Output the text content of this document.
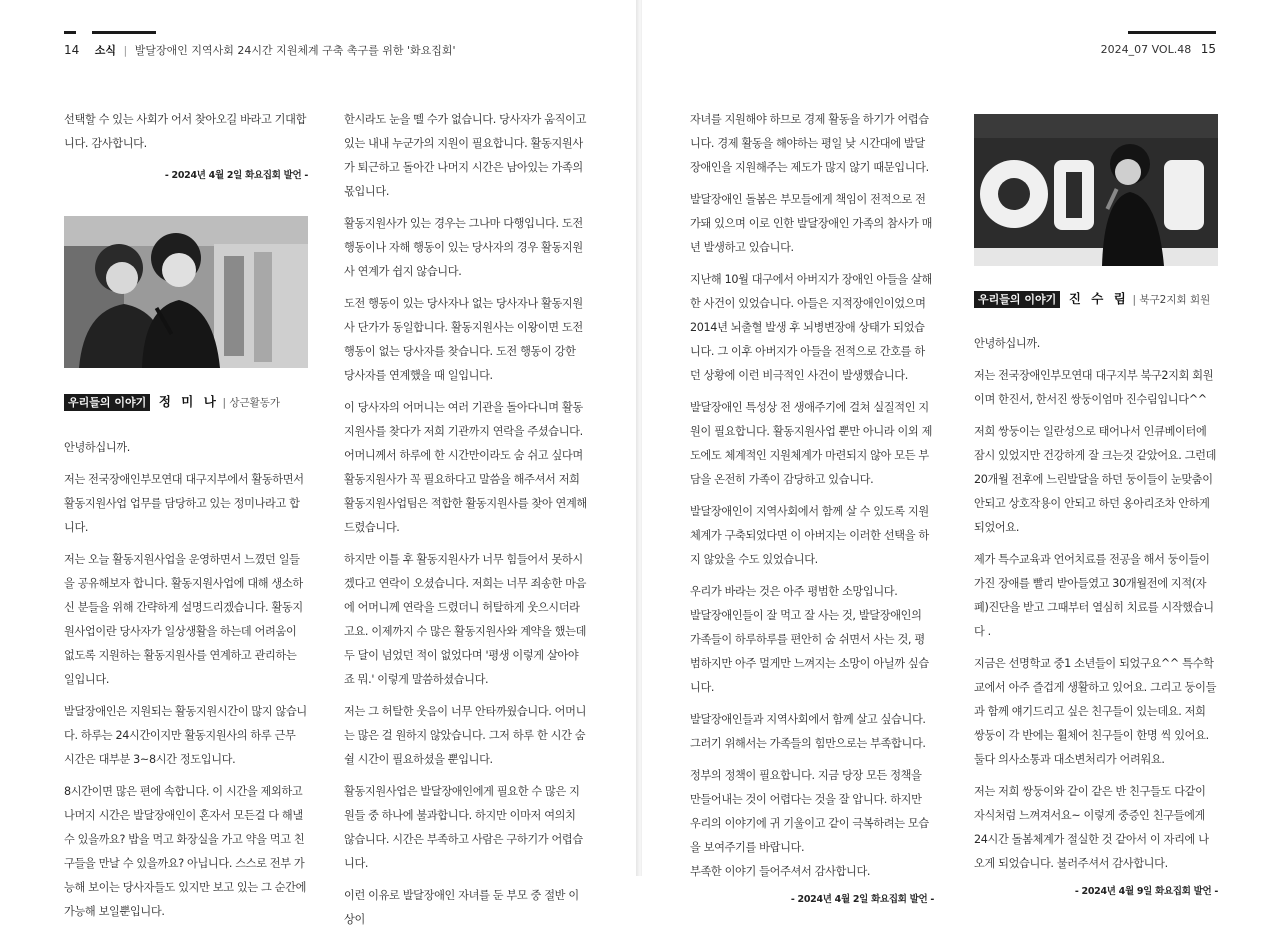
14 소식 | 발달장애인 지역사회 24시간 지원체계 구축 촉구를 위한 '화요집회'

선택할 수 있는 사회가 어서 찾아오길 바라고 기대합니다. 감사합니다.

- 2024년 4월 2일 화요집회 발언 -
우리들의 이야기 정 미 나 | 상근활동가

안녕하십니까.

저는 전국장애인부모연대 대구지부에서 활동하면서 활동지원사업 업무를 담당하고 있는 정미나라고 합니다.

저는 오늘 활동지원사업을 운영하면서 느꼈던 일들을 공유해보자 합니다. 활동지원사업에 대해 생소하신 분들을 위해 간략하게 설명드리겠습니다. 활동지원사업이란 당사자가 일상생활을 하는데 어려움이 없도록 지원하는 활동지원사를 연계하고 관리하는 일입니다.

발달장애인은 지원되는 활동지원시간이 많지 않습니다. 하루는 24시간이지만 활동지원사의 하루 근무 시간은 대부분 3~8시간 정도입니다.

8시간이면 많은 편에 속합니다. 이 시간을 제외하고 나머지 시간은 발달장애인이 혼자서 모든걸 다 해낼 수 있을까요? 밥을 먹고 화장실을 가고 약을 먹고 친구들을 만날 수 있을까요? 아닙니다. 스스로 전부 가능해 보이는 당사자들도 있지만 보고 있는 그 순간에 가능해 보일뿐입니다.

한시라도 눈을 뗄 수가 없습니다. 당사자가 움직이고 있는 내내 누군가의 지원이 필요합니다. 활동지원사가 퇴근하고 돌아간 나머지 시간은 남아있는 가족의 몫입니다.

활동지원사가 있는 경우는 그나마 다행입니다. 도전 행동이나 자해 행동이 있는 당사자의 경우 활동지원사 연계가 쉽지 않습니다.

도전 행동이 있는 당사자나 없는 당사자나 활동지원사 단가가 동일합니다. 활동지원사는 이왕이면 도전 행동이 없는 당사자를 찾습니다. 도전 행동이 강한 당사자를 연계했을 때 일입니다.

이 당사자의 어머니는 여러 기관을 돌아다니며 활동지원사를 찾다가 저희 기관까지 연락을 주셨습니다. 어머니께서 하루에 한 시간만이라도 숨 쉬고 싶다며 활동지원사가 꼭 필요하다고 말씀을 해주셔서 저희 활동지원사업팀은 적합한 활동지원사를 찾아 연계해 드렸습니다.

하지만 이틀 후 활동지원사가 너무 힘들어서 못하시겠다고 연락이 오셨습니다. 저희는 너무 죄송한 마음에 어머니께 연락을 드렸더니 허탈하게 웃으시더라고요. 이제까지 수 많은 활동지원사와 계약을 했는데 두 달이 넘었던 적이 없었다며 '평생 이렇게 살아야죠 뭐.' 이렇게 말씀하셨습니다.

저는 그 허탈한 웃음이 너무 안타까웠습니다. 어머니는 많은 걸 원하지 않았습니다. 그저 하루 한 시간 숨 쉴 시간이 필요하셨을 뿐입니다.

활동지원사업은 발달장애인에게 필요한 수 많은 지원들 중 하나에 불과합니다. 하지만 이마저 여의치 않습니다. 시간은 부족하고 사람은 구하기가 어렵습니다.

이런 이유로 발달장애인 자녀를 둔 부모 중 절반 이상이

2024_07 VOL.48 15

자녀를 지원해야 하므로 경제 활동을 하기가 어렵습니다. 경제 활동을 해야하는 평일 낮 시간대에 발달장애인을 지원해주는 제도가 많지 않기 때문입니다.

발달장애인 돌봄은 부모들에게 책임이 전적으로 전가돼 있으며 이로 인한 발달장애인 가족의 참사가 매년 발생하고 있습니다.

지난해 10월 대구에서 아버지가 장애인 아들을 살해한 사건이 있었습니다. 아들은 지적장애인이었으며 2014년 뇌출혈 발생 후 뇌병변장애 상태가 되었습니다. 그 이후 아버지가 아들을 전적으로 간호를 하던 상황에 이런 비극적인 사건이 발생했습니다.

발달장애인 특성상 전 생애주기에 걸쳐 실질적인 지원이 필요합니다. 활동지원사업 뿐만 아니라 이외 제도에도 체계적인 지원체계가 마련되지 않아 모든 부담을 온전히 가족이 감당하고 있습니다.

발달장애인이 지역사회에서 함께 살 수 있도록 지원체계가 구축되었다면 이 아버지는 이러한 선택을 하지 않았을 수도 있었습니다.

우리가 바라는 것은 아주 평범한 소망입니다.
발달장애인들이 잘 먹고 잘 사는 것, 발달장애인의 가족들이 하루하루를 편안히 숨 쉬면서 사는 것, 평범하지만 아주 멀게만 느껴지는 소망이 아닐까 싶습니다.

발달장애인들과 지역사회에서 함께 살고 싶습니다. 그러기 위해서는 가족들의 힘만으로는 부족합니다.

정부의 정책이 필요합니다. 지금 당장 모든 정책을 만들어내는 것이 어렵다는 것을 잘 압니다. 하지만 우리의 이야기에 귀 기울이고 같이 극복하려는 모습을 보여주기를 바랍니다.
부족한 이야기 들어주셔서 감사합니다.

- 2024년 4월 2일 화요집회 발언 -
우리들의 이야기 진 수 림 | 북구2지회 회원

안녕하십니까.

저는 전국장애인부모연대 대구지부 북구2지회 회원이며 한진서, 한서진 쌍둥이엄마 진수림입니다^^

저희 쌍둥이는 일란성으로 태어나서 인큐베이터에 잠시 있었지만 건강하게 잘 크는것 같았어요. 그런데 20개월 전후에 느린발달을 하던 둥이들이 눈맞춤이 안되고 상호작용이 안되고 하던 옹아리조차 안하게 되었어요.

제가 특수교육과 언어치료를 전공을 해서 둥이들이 가진 장애를 빨리 받아들였고 30개월전에 지적(자폐)진단을 받고 그때부터 열심히 치료를 시작했습니다 .

지금은 선명학교 중1 소년들이 되었구요^^ 특수학교에서 아주 즐겁게 생활하고 있어요. 그리고 둥이들과 함께 얘기드리고 싶은 친구들이 있는데요. 저희 쌍둥이 각 반에는 휠체어 친구들이 한명 씩 있어요. 둘다 의사소통과 대소변처리가 어려워요.

저는 저희 쌍둥이와 같이 같은 반 친구들도 다같이 자식처럼 느껴져서요~ 이렇게 중증인 친구들에게 24시간 돌봄체계가 절실한 것 같아서 이 자리에 나오게 되었습니다. 불러주셔서 감사합니다.

- 2024년 4월 9일 화요집회 발언 -
